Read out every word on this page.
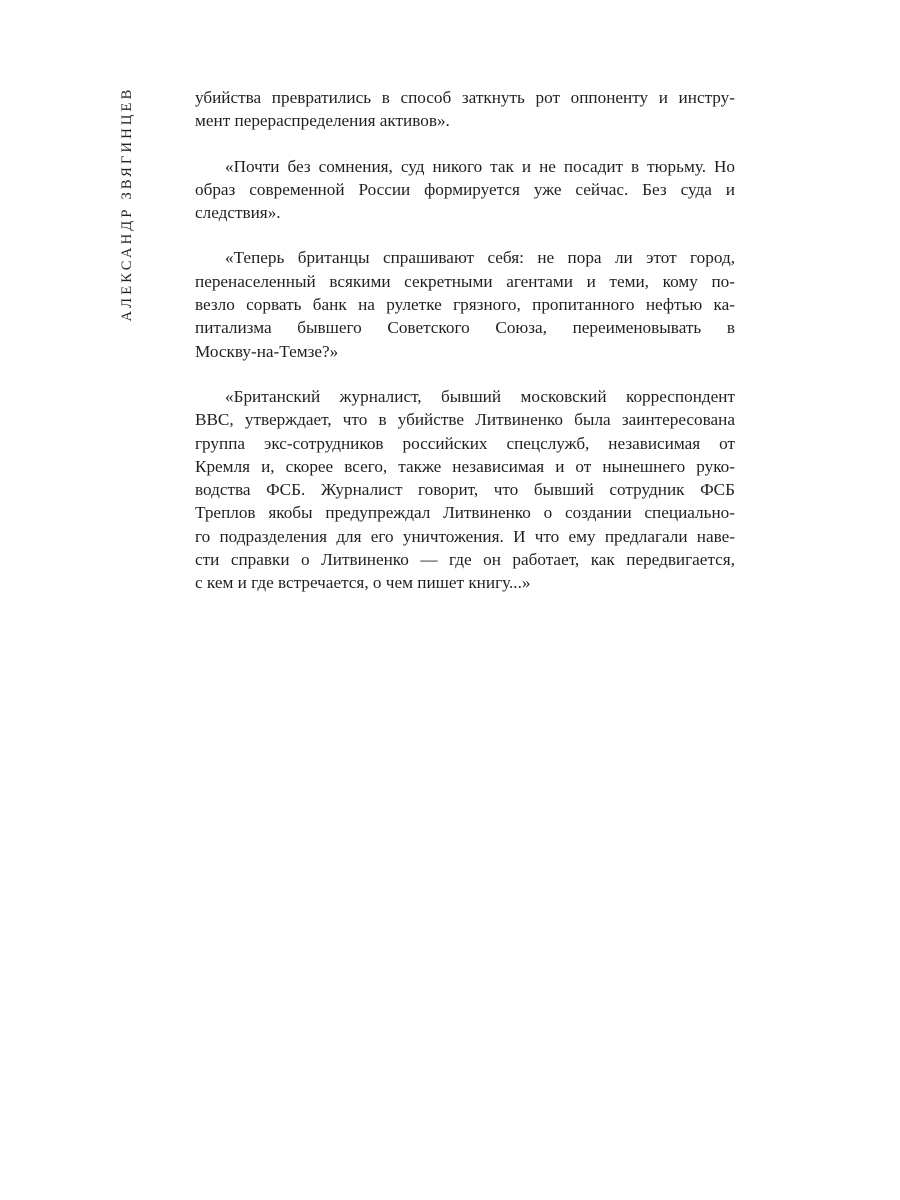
АЛЕКСАНДР ЗВЯГИНЦЕВ	убийства превратились в способ заткнуть рот оппоненту и инстру-
мент перераспределения активов».

«Почти без сомнения, суд никого так и не посадит в тюрьму. Но
образ современной России формируется уже сейчас. Без суда и
следствия».

«Теперь британцы спрашивают себя: не пора ли этот город,
перенаселенный всякими секретными агентами и теми, кому по-
везло сорвать банк на рулетке грязного, пропитанного нефтью ка-
питализма бывшего Советского Союза, переименовывать в
Москву-на-Темзе?»

«Британский журналист, бывший московский корреспондент
ВВС, утверждает, что в убийстве Литвиненко была заинтересована
группа экс-сотрудников российских спецслужб, независимая от
Кремля и, скорее всего, также независимая и от нынешнего руко-
водства ФСБ. Журналист говорит, что бывший сотрудник ФСБ
Треплов якобы предупреждал Литвиненко о создании специально-
го подразделения для его уничтожения. И что ему предлагали наве-
сти справки о Литвиненко — где он работает, как передвигается,
с кем и где встречается, о чем пишет книгу...»
